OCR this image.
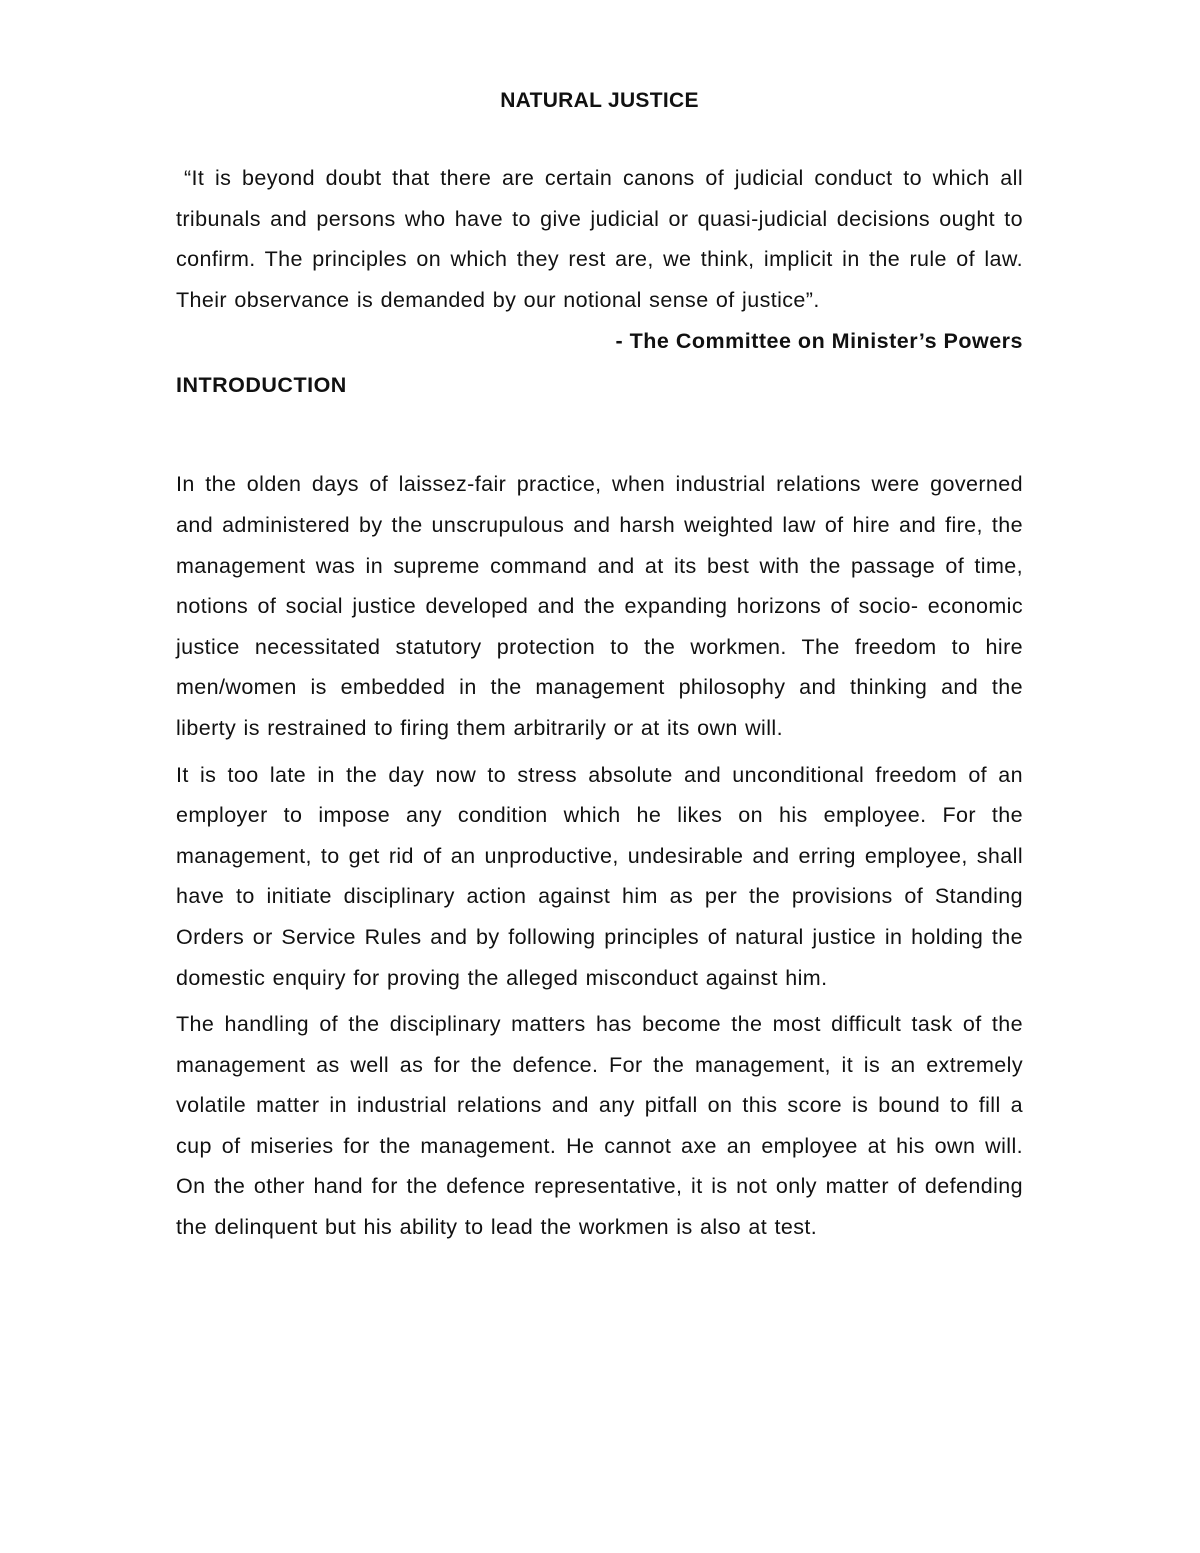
NATURAL JUSTICE

“It is beyond doubt that there are certain canons of judicial conduct to which all tribunals and persons who have to give judicial or quasi-judicial decisions ought to confirm. The principles on which they rest are, we think, implicit in the rule of law. Their observance is demanded by our notional sense of justice”.

- The Committee on Minister’s Powers

INTRODUCTION

In the olden days of laissez-fair practice, when industrial relations were governed and administered by the unscrupulous and harsh weighted law of hire and fire, the management was in supreme command and at its best with the passage of time, notions of social justice developed and the expanding horizons of socio- economic justice necessitated statutory protection to the workmen. The freedom to hire men/women is embedded in the management philosophy and thinking and the liberty is restrained to firing them arbitrarily or at its own will.

It is too late in the day now to stress absolute and unconditional freedom of an employer to impose any condition which he likes on his employee. For the management, to get rid of an unproductive, undesirable and erring employee, shall have to initiate disciplinary action against him as per the provisions of Standing Orders or Service Rules and by following principles of natural justice in holding the domestic enquiry for proving the alleged misconduct against him.

The handling of the disciplinary matters has become the most difficult task of the management as well as for the defence. For the management, it is an extremely volatile matter in industrial relations and any pitfall on this score is bound to fill a cup of miseries for the management. He cannot axe an employee at his own will. On the other hand for the defence representative, it is not only matter of defending the delinquent but his ability to lead the workmen is also at test.
